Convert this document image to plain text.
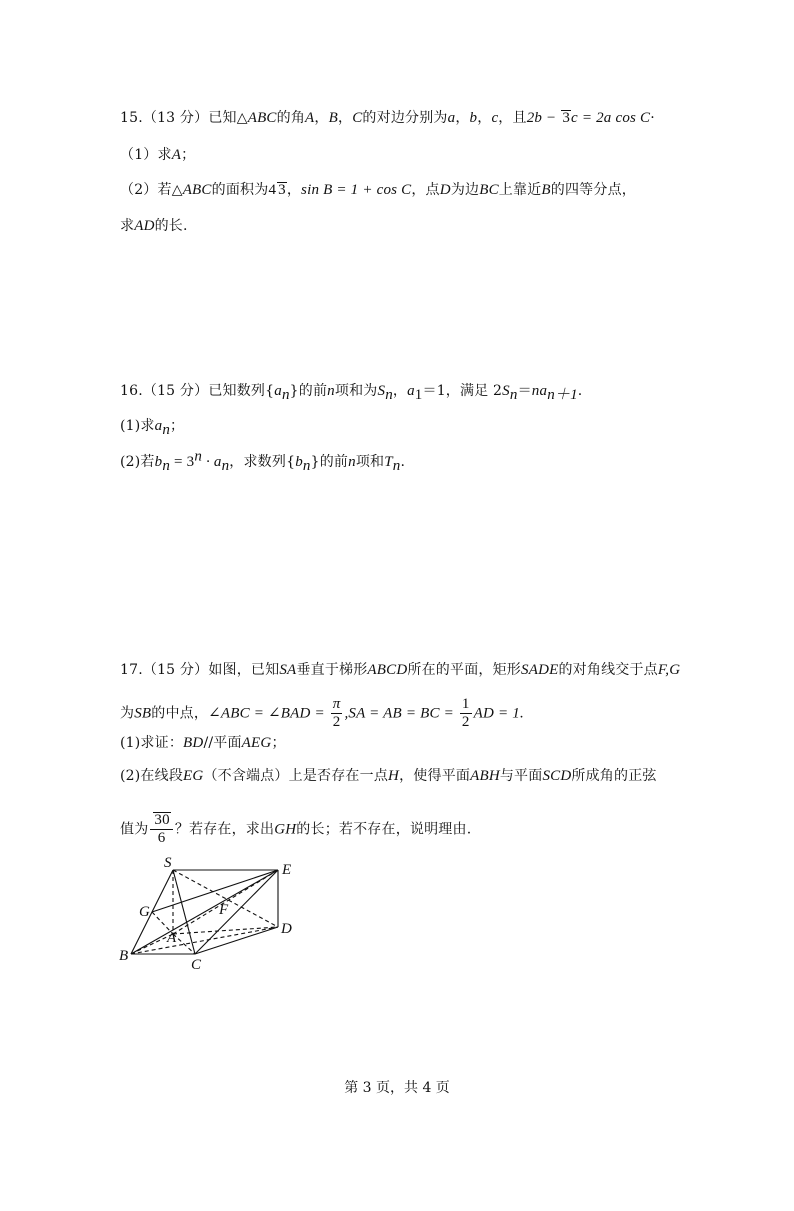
15.（13 分）已知△ABC的角A，B，C的对边分别为a，b，c，且2b − 3c = 2a cos C·
（1）求A；
（2）若△ABC的面积为4 3，sin B = 1 + cos C，点D为边BC上靠近B的四等分点，
求AD的长.
16.（15 分）已知数列$\{a_n\}$的前n项和为$S_n$，$a_1=1$，满足 $2S_n=na_{n+1}$.
(1)求$a_n$；
(2)若$b_n = 3^n \cdot a_n$，求数列$\{b_n\}$的前n项和$T_n$.
17.（15 分）如图，已知SA垂直于梯形ABCD所在的平面，矩形SADE的对角线交于点F,G
为SB的中点，∠ABC = ∠BAD = $\frac{\pi}{2} ,SA$ = AB = BC = $\frac{1}{2}$ AD = 1.
(1)求证：BD//平面AEG；
(2)在线段EG（不含端点）上是否存在一点H，使得平面ABH与平面SCD所成角的正弦
值为 $\frac{30}{6}$ ？若存在，求出GH的长；若不存在，说明理由.
S	E
G	F
A
D
B
C
第 3 页，共 4 页
